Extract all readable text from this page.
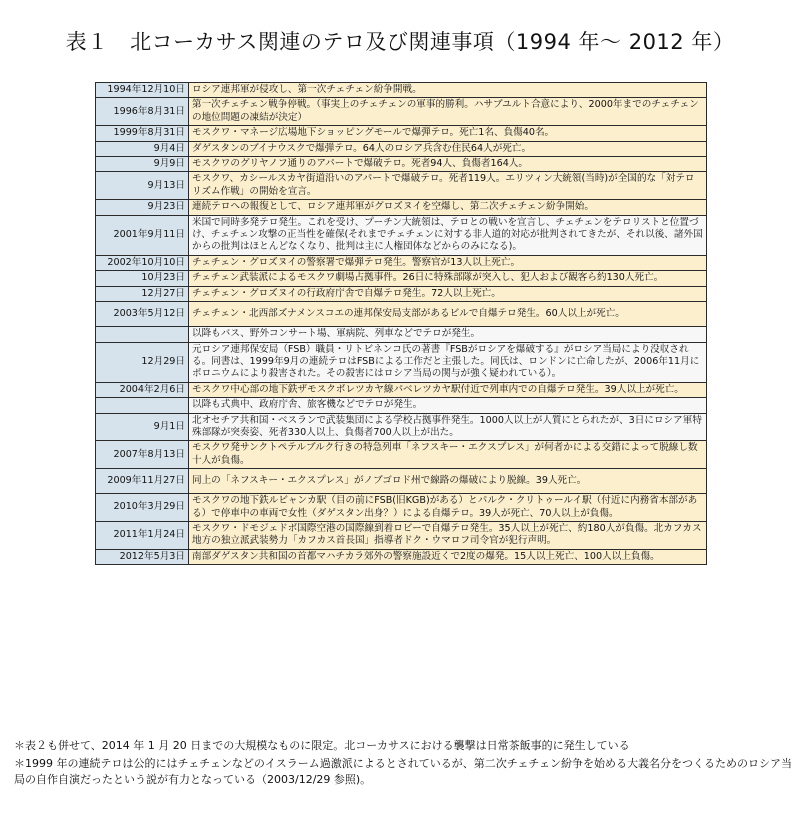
表１　北コーカサス関連のテロ及び関連事項（1994 年〜 2012 年）
1994年12月10日	ロシア連邦軍が侵攻し、第一次チェチェン紛争開戦。
1996年8月31日	第一次チェチェン戦争停戦。（事実上のチェチェンの軍事的勝利。ハサブユルト合意により、2000年までのチェチェンの地位問題の凍結が決定）
1999年8月31日	モスクワ・マネージ広場地下ショッピングモールで爆弾テロ。死亡1名、負傷40名。
9月4日	ダゲスタンのブイナウスクで爆弾テロ。64人のロシア兵含む住民64人が死亡。
9月9日	モスクワのグリヤノフ通りのアパートで爆破テロ。死者94人、負傷者164人。
9月13日	モスクワ、カシールスカヤ街道沿いのアパートで爆破テロ。死者119人。エリツィン大統領(当時)が全国的な「対テロリズム作戦」の開始を宣言。
9月23日	連続テロへの報復として、ロシア連邦軍がグロズヌイを空爆し、第二次チェチェン紛争開始。
2001年9月11日	米国で同時多発テロ発生。これを受け、プーチン大統領は、テロとの戦いを宣言し、チェチェンをテロリストと位置づけ、チェチェン攻撃の正当性を確保(それまでチェチェンに対する非人道的対応が批判されてきたが、それ以後、諸外国からの批判はほとんどなくなり、批判は主に人権団体などからのみになる)。
2002年10月10日	チェチェン・グロズヌイの警察署で爆弾テロ発生。警察官が13人以上死亡。
10月23日	チェチェン武装派によるモスクワ劇場占拠事件。26日に特殊部隊が突入し、犯人および観客ら約130人死亡。
12月27日	チェチェン・グロズヌイの行政府庁舎で自爆テロ発生。72人以上死亡。
2003年5月12日	チェチェン・北西部ズナメンスコエの連邦保安局支部があるビルで自爆テロ発生。60人以上が死亡。
	以降もバス、野外コンサート場、軍病院、列車などでテロが発生。
12月29日	元ロシア連邦保安局（FSB）職員・リトビネンコ氏の著書『FSBがロシアを爆破する』がロシア当局により没収される。同書は、1999年9月の連続テロはFSBによる工作だと主張した。同氏は、ロンドンに亡命したが、2006年11月にポロニウムにより殺害された。その殺害にはロシア当局の関与が強く疑われている）。
2004年2月6日	モスクワ中心部の地下鉄ザモスクボレツカヤ線パベレツカヤ駅付近で列車内での自爆テロ発生。39人以上が死亡。
	以降も式典中、政府庁舎、旅客機などでテロが発生。
9月1日	北オセチア共和国・ベスランで武装集団による学校占拠事件発生。1000人以上が人質にとられたが、3日にロシア軍特殊部隊が突奏姿、死者330人以上、負傷者700人以上が出た。
2007年8月13日	モスクワ発サンクトペテルブルク行きの特急列車「ネフスキー・エクスプレス」が何者かによる交錯によって脱線し数十人が負傷。
2009年11月27日	同上の「ネフスキー・エクスプレス」がノブゴロド州で線路の爆破により脱線。39人死亡。
2010年3月29日	モスクワの地下鉄ルビャンカ駅（目の前にFSB(旧KGB)がある）とパルク・クリトゥールイ駅（付近に内務省本部がある）で停車中の車両で女性（ダゲスタン出身？）による自爆テロ。39人が死亡、70人以上が負傷。
2011年1月24日	モスクワ・ドモジェドボ国際空港の国際線到着ロビーで自爆テロ発生。35人以上が死亡、約180人が負傷。北カフカス地方の独立派武装勢力「カフカス首長国」指導者ドク・ウマロフ司令官が犯行声明。
2012年5月3日	南部ダゲスタン共和国の首都マハチカラ郊外の警察施設近くで2度の爆発。15人以上死亡、100人以上負傷。

＊表２も併せて、2014 年 1 月 20 日までの大規模なものに限定。北コーカサスにおける襲撃は日常茶飯事的に発生している

＊1999 年の連続テロは公的にはチェチェンなどのイスラーム過激派によるとされているが、第二次チェチェン紛争を始める大義名分をつくるためのロシア当局の自作自演だったという説が有力となっている（2003/12/29 参照)。
